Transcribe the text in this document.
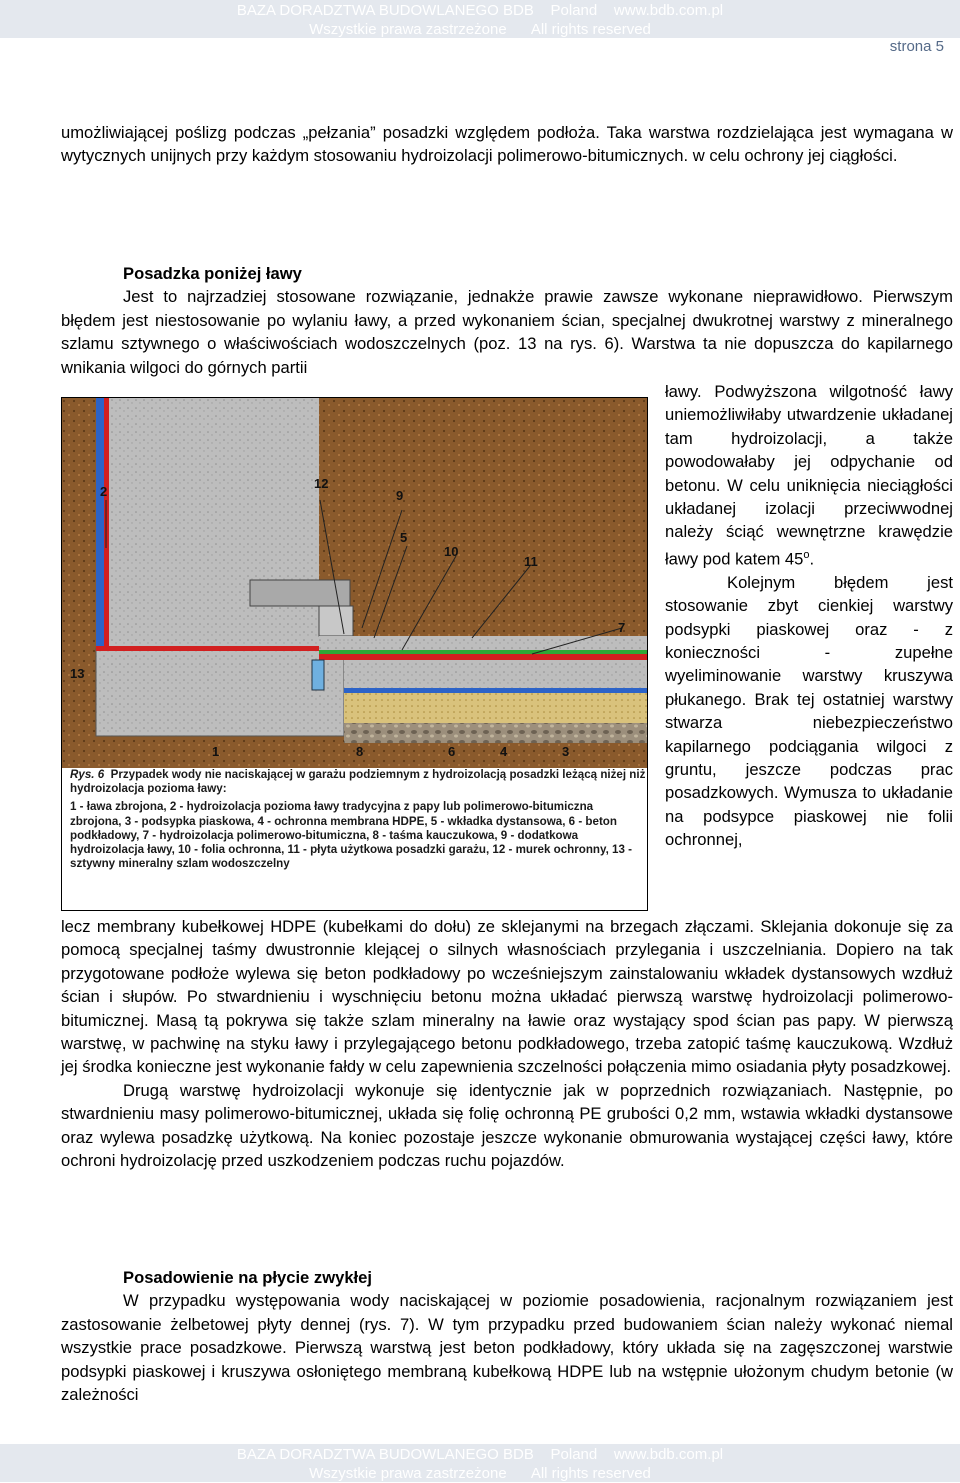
BAZA DORADZTWA BUDOWLANEGO BDB    Poland    www.bdb.com.pl
Wszystkie prawa zastrzeżone      All rights reserved
strona 5

umożliwiającej poślizg podczas „pełzania” posadzki względem podłoża. Taka warstwa rozdzielająca jest wymagana w wytycznych unijnych przy każdym stosowaniu hydroizolacji polimerowo-bitumicznych. w celu ochrony jej ciągłości.

Posadzka poniżej ławy

Jest to najrzadziej stosowane rozwiązanie, jednakże prawie zawsze wykonane nieprawidłowo. Pierwszym błędem jest niestosowanie po wylaniu ławy, a przed wykonaniem ścian, specjalnej dwukrotnej warstwy z mineralnego szlamu sztywnego o właściwościach wodoszczelnych (poz. 13 na rys. 6). Warstwa ta nie dopuszcza do kapilarnego wnikania wilgoci do górnych partii

ławy. Podwyższona wilgotność ławy uniemożliwiłaby utwardzenie układanej tam hydroizolacji, a także powodowałaby jej odpychanie od betonu. W celu uniknięcia nieciągłości układanej izolacji przeciwwodnej należy ściąć wewnętrzne krawędzie ławy pod katem 45$^o$.

Kolejnym błędem jest stosowanie zbyt cienkiej warstwy podsypki piaskowej oraz - z konieczności - zupełne wyeliminowanie warstwy kruszywa płukanego. Brak tej ostatniej warstwy stwarza niebezpieczeństwo kapilarnego podciągania wilgoci z gruntu, jeszcze podczas prac posadzkowych. Wymusza to układanie na podsypce piaskowej nie folii ochronnej,

2
12
9
5
10
11
7
13
8	6	4	3
1
Rys. 6 Przypadek wody nie naciskającej w garażu podziemnym z hydroizolacją posadzki leżącą niżej niż hydroizolacja pozioma ławy:
1 - ława zbrojona, 2 - hydroizolacja pozioma ławy tradycyjna z papy lub polimerowo-bitumiczna zbrojona, 3 - podsypka piaskowa, 4 - ochronna membrana HDPE, 5 - wkładka dystansowa, 6 - beton podkładowy, 7 - hydroizolacja polimerowo-bitumiczna, 8 - taśma kauczukowa, 9 - dodatkowa hydroizolacja ławy, 10 - folia ochronna, 11 - płyta użytkowa posadzki garażu, 12 - murek ochronny, 13 - sztywny mineralny szlam wodoszczelny

lecz membrany kubełkowej HDPE (kubełkami do dołu) ze sklejanymi na brzegach złączami. Sklejania dokonuje się za pomocą specjalnej taśmy dwustronnie klejącej o silnych własnościach przylegania i uszczelniania. Dopiero na tak przygotowane podłoże wylewa się beton podkładowy po wcześniejszym zainstalowaniu wkładek dystansowych wzdłuż ścian i słupów. Po stwardnieniu i wyschnięciu betonu można układać pierwszą warstwę hydroizolacji polimerowo-bitumicznej. Masą tą pokrywa się także szlam mineralny na ławie oraz wystający spod ścian pas papy. W pierwszą warstwę, w pachwinę na styku ławy i przylegającego betonu podkładowego, trzeba zatopić taśmę kauczukową. Wzdłuż jej środka konieczne jest wykonanie fałdy w celu zapewnienia szczelności połączenia mimo osiadania płyty posadzkowej.

Drugą warstwę hydroizolacji wykonuje się identycznie jak w poprzednich rozwiązaniach. Następnie, po stwardnieniu masy polimerowo-bitumicznej, układa się folię ochronną PE grubości 0,2 mm, wstawia wkładki dystansowe oraz wylewa posadzkę użytkową. Na koniec pozostaje jeszcze wykonanie obmurowania wystającej części ławy, które ochroni hydroizolację przed uszkodzeniem podczas ruchu pojazdów.

Posadowienie na płycie zwykłej

W przypadku występowania wody naciskającej w poziomie posadowienia, racjonalnym rozwiązaniem jest zastosowanie żelbetowej płyty dennej (rys. 7). W tym przypadku przed budowaniem ścian należy wykonać niemal wszystkie prace posadzkowe. Pierwszą warstwą jest beton podkładowy, który układa się na zagęszczonej warstwie podsypki piaskowej i kruszywa osłoniętego membraną kubełkową HDPE lub na wstępnie ułożonym chudym betonie (w zależności

BAZA DORADZTWA BUDOWLANEGO BDB    Poland    www.bdb.com.pl
Wszystkie prawa zastrzeżone      All rights reserved
